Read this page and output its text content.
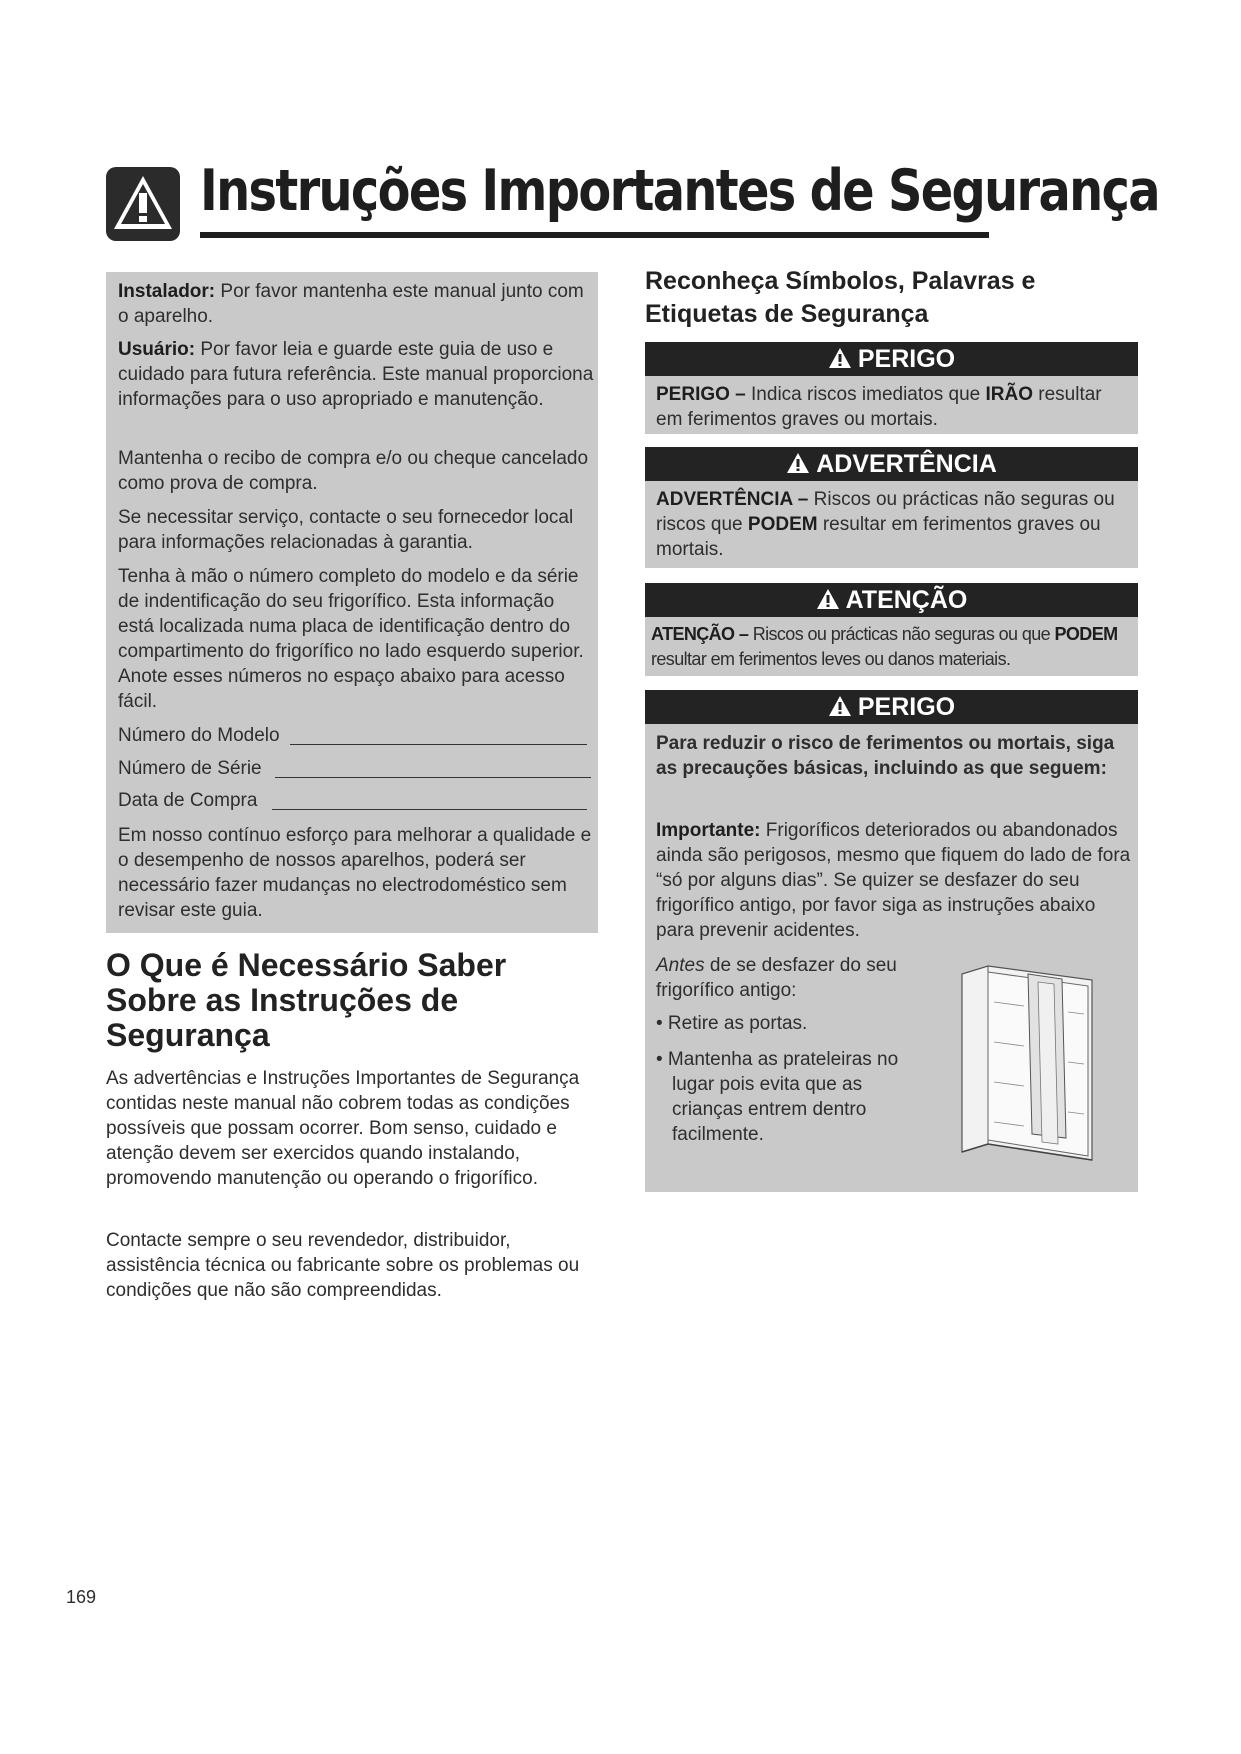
Instruções Importantes de Segurança

Instalador: Por favor mantenha este manual junto com o aparelho.

Usuário: Por favor leia e guarde este guia de uso e cuidado para futura referência. Este manual proporciona informações para o uso apropriado e manutenção.

Mantenha o recibo de compra e/o ou cheque cancelado como prova de compra.

Se necessitar serviço, contacte o seu fornecedor local para informações relacionadas à garantia.

Tenha à mão o número completo do modelo e da série de indentificação do seu frigorífico. Esta informação está localizada numa placa de identificação dentro do compartimento do frigorífico no lado esquerdo superior. Anote esses números no espaço abaixo para acesso fácil.

Número do Modelo
Número de Série
Data de Compra

Em nosso contínuo esforço para melhorar a qualidade e o desempenho de nossos aparelhos, poderá ser necessário fazer mudanças no electrodoméstico sem revisar este guia.

O Que é Necessário Saber
Sobre as Instruções de
Segurança

As advertências e Instruções Importantes de Segurança contidas neste manual não cobrem todas as condições possíveis que possam ocorrer. Bom senso, cuidado e atenção devem ser exercidos quando instalando, promovendo manutenção ou operando o frigorífico.

Contacte sempre o seu revendedor, distribuidor, assistência técnica ou fabricante sobre os problemas ou condições que não são compreendidas.

Reconheça Símbolos, Palavras e
Etiquetas de Segurança
PERIGO

PERIGO – Indica riscos imediatos que IRÃO resultar em ferimentos graves ou mortais.

ADVERTÊNCIA

ADVERTÊNCIA – Riscos ou prácticas não seguras ou riscos que PODEM resultar em ferimentos graves ou mortais.

ATENÇÃO

ATENÇÃO – Riscos ou prácticas não seguras ou que PODEM resultar em ferimentos leves ou danos materiais.

PERIGO

Para reduzir o risco de ferimentos ou mortais, siga as precauções básicas, incluindo as que seguem:

Importante: Frigoríficos deteriorados ou abandonados ainda são perigosos, mesmo que fiquem do lado de fora “só por alguns dias”. Se quizer se desfazer do seu frigorífico antigo, por favor siga as instruções abaixo para prevenir acidentes.

Antes de se desfazer do seu frigorífico antigo:

• Retire as portas.

• Mantenha as prateleiras no lugar pois evita que as crianças entrem dentro facilmente.

169
